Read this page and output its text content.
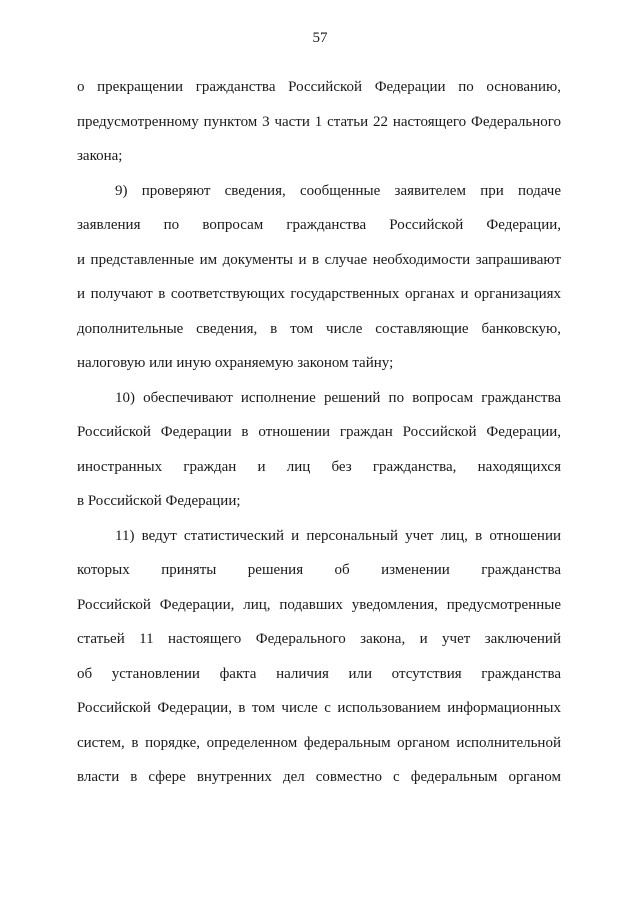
57
о прекращении гражданства Российской Федерации по основанию,
предусмотренному пунктом 3 части 1 статьи 22 настоящего Федерального
закона;
9) проверяют сведения, сообщенные заявителем при подаче
заявления по вопросам гражданства Российской Федерации,
и представленные им документы и в случае необходимости запрашивают
и получают в соответствующих государственных органах и организациях
дополнительные сведения, в том числе составляющие банковскую,
налоговую или иную охраняемую законом тайну;
10) обеспечивают исполнение решений по вопросам гражданства
Российской Федерации в отношении граждан Российской Федерации,
иностранных граждан и лиц без гражданства, находящихся
в Российской Федерации;
11) ведут статистический и персональный учет лиц, в отношении
которых приняты решения об изменении гражданства
Российской Федерации, лиц, подавших уведомления, предусмотренные
статьей 11 настоящего Федерального закона, и учет заключений
об установлении факта наличия или отсутствия гражданства
Российской Федерации, в том числе с использованием информационных
систем, в порядке, определенном федеральным органом исполнительной
власти в сфере внутренних дел совместно с федеральным органом
